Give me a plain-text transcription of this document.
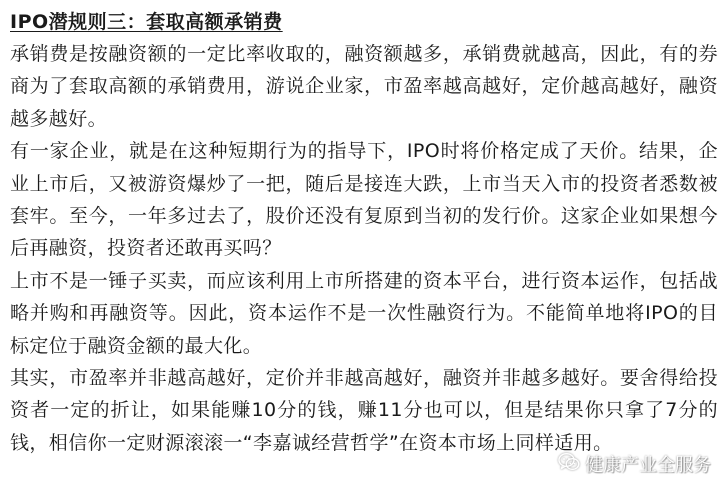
IPO潜规则三：套取高额承销费

承销费是按融资额的一定比率收取的，融资额越多，承销费就越高，因此，有的券商为了套取高额的承销费用，游说企业家，市盈率越高越好，定价越高越好，融资越多越好。

有一家企业，就是在这种短期行为的指导下，IPO时将价格定成了天价。结果，企业上市后，又被游资爆炒了一把，随后是接连大跌，上市当天入市的投资者悉数被套牢。至今，一年多过去了，股价还没有复原到当初的发行价。这家企业如果想今后再融资，投资者还敢再买吗？

上市不是一锤子买卖，而应该利用上市所搭建的资本平台，进行资本运作，包括战略并购和再融资等。因此，资本运作不是一次性融资行为。不能简单地将IPO的目标定位于融资金额的最大化。

其实，市盈率并非越高越好，定价并非越高越好，融资并非越多越好。要舍得给投资者一定的折让，如果能赚10分的钱，赚11分也可以，但是结果你只拿了7分的钱，相信你一定财源滚滚一“李嘉诚经营哲学”在资本市场上同样适用。

健康产业全服务
